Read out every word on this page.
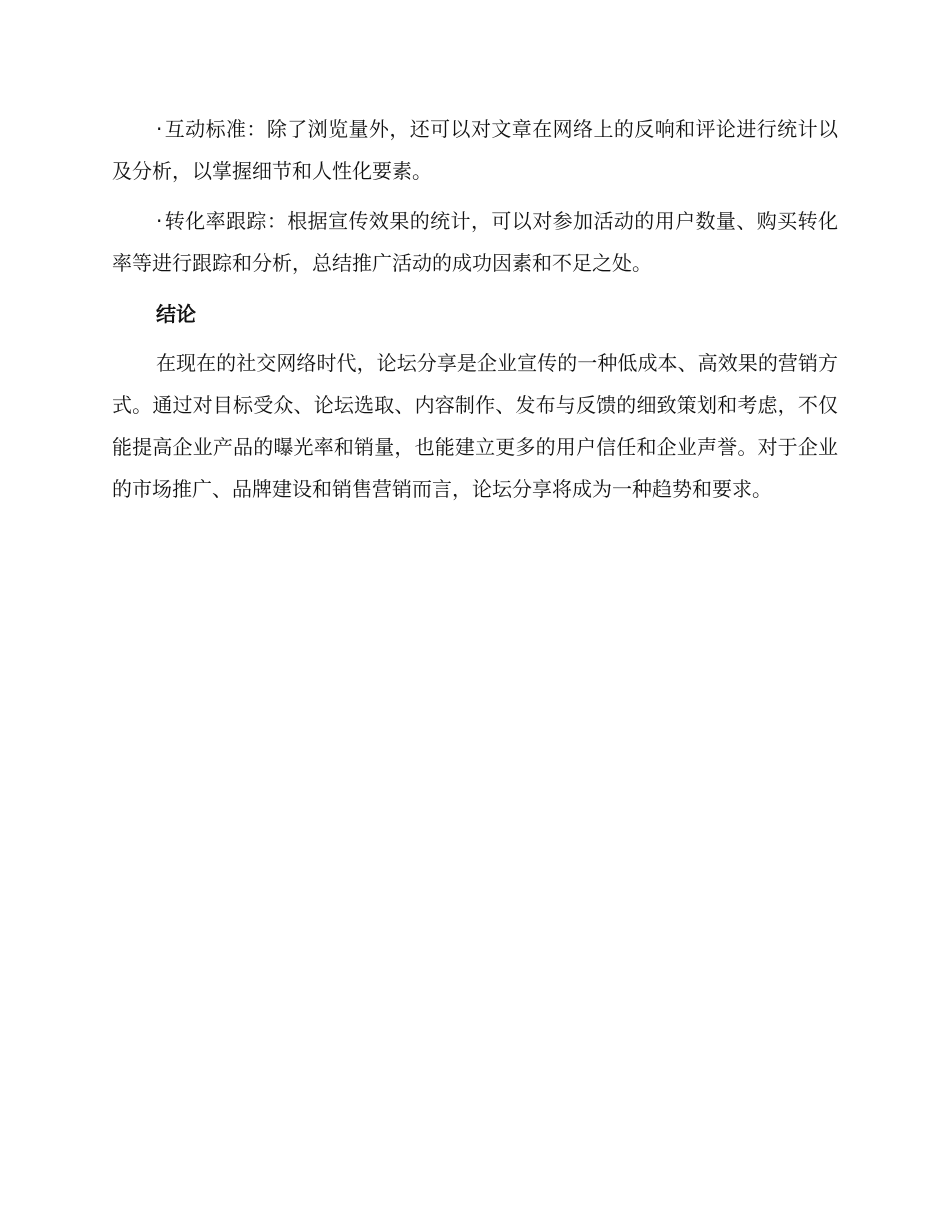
· 互动标准：除了浏览量外，还可以对文章在网络上的反响和评论进行统计以及分析，以掌握细节和人性化要素。

· 转化率跟踪：根据宣传效果的统计，可以对参加活动的用户数量、购买转化率等进行跟踪和分析，总结推广活动的成功因素和不足之处。

结论

在现在的社交网络时代，论坛分享是企业宣传的一种低成本、高效果的营销方式。通过对目标受众、论坛选取、内容制作、发布与反馈的细致策划和考虑，不仅能提高企业产品的曝光率和销量，也能建立更多的用户信任和企业声誉。对于企业的市场推广、品牌建设和销售营销而言，论坛分享将成为一种趋势和要求。
